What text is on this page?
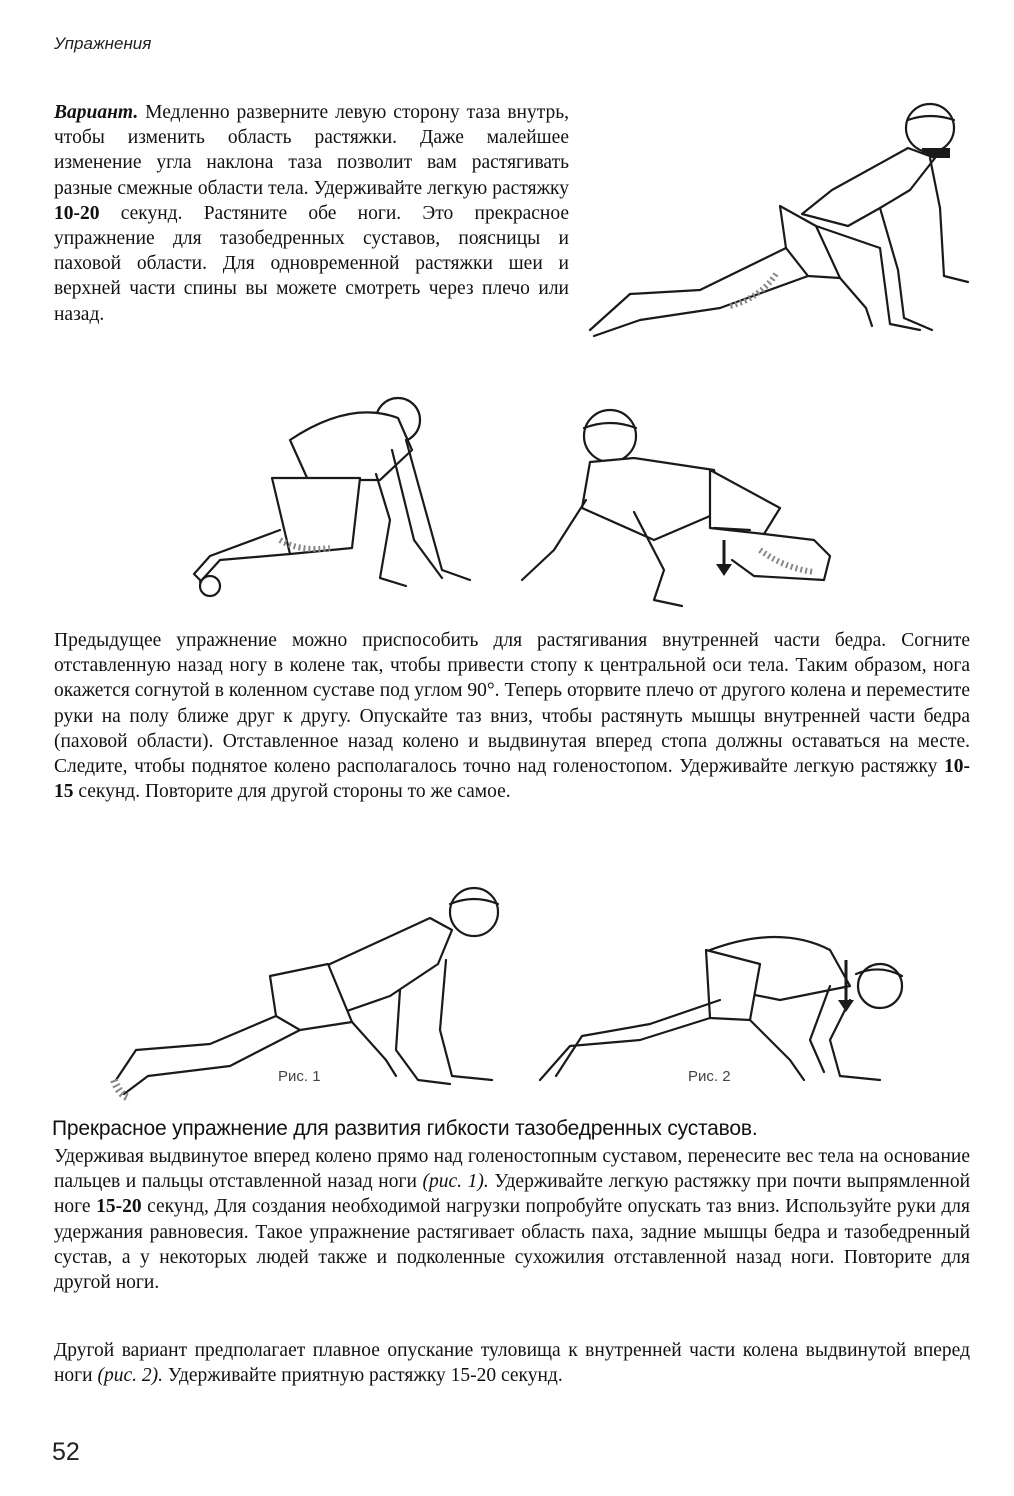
Упражнения
Вариант. Медленно разверните левую сторону таза внутрь, чтобы изменить область растяжки. Даже малейшее изменение угла наклона таза позволит вам растягивать разные смежные области тела. Удерживайте легкую растяжку 10-20 секунд. Растяните обе ноги. Это прекрасное упражнение для тазобедренных суставов, поясницы и паховой области. Для одновременной растяжки шеи и верхней части спины вы можете смотреть через плечо или назад.
Предыдущее упражнение можно приспособить для растягивания внутренней части бедра. Согните отставленную назад ногу в колене так, чтобы привести стопу к центральной оси тела. Таким образом, нога окажется согнутой в коленном суставе под углом 90°. Теперь оторвите плечо от другого колена и переместите руки на полу ближе друг к другу. Опускайте таз вниз, чтобы растянуть мышцы внутренней части бедра (паховой области). Отставленное назад колено и выдвинутая вперед стопа должны оставаться на месте. Следите, чтобы поднятое колено располагалось точно над голеностопом. Удерживайте легкую растяжку 10-15 секунд. Повторите для другой стороны то же самое.
Рис. 1	Рис. 2
Прекрасное упражнение для развития гибкости тазобедренных суставов.
Удерживая выдвинутое вперед колено прямо над голеностопным суставом, перенесите вес тела на основание пальцев и пальцы отставленной назад ноги (рис. 1). Удерживайте легкую растяжку при почти выпрямленной ноге 15-20 секунд, Для создания необходимой нагрузки попробуйте опускать таз вниз. Используйте руки для удержания равновесия. Такое упражнение растягивает область паха, задние мышцы бедра и тазобедренный сустав, а у некоторых людей также и подколенные сухожилия отставленной назад ноги. Повторите для другой ноги.
Другой вариант предполагает плавное опускание туловища к внутренней части колена выдвинутой вперед ноги (рис. 2). Удерживайте приятную растяжку 15-20 секунд.
52
